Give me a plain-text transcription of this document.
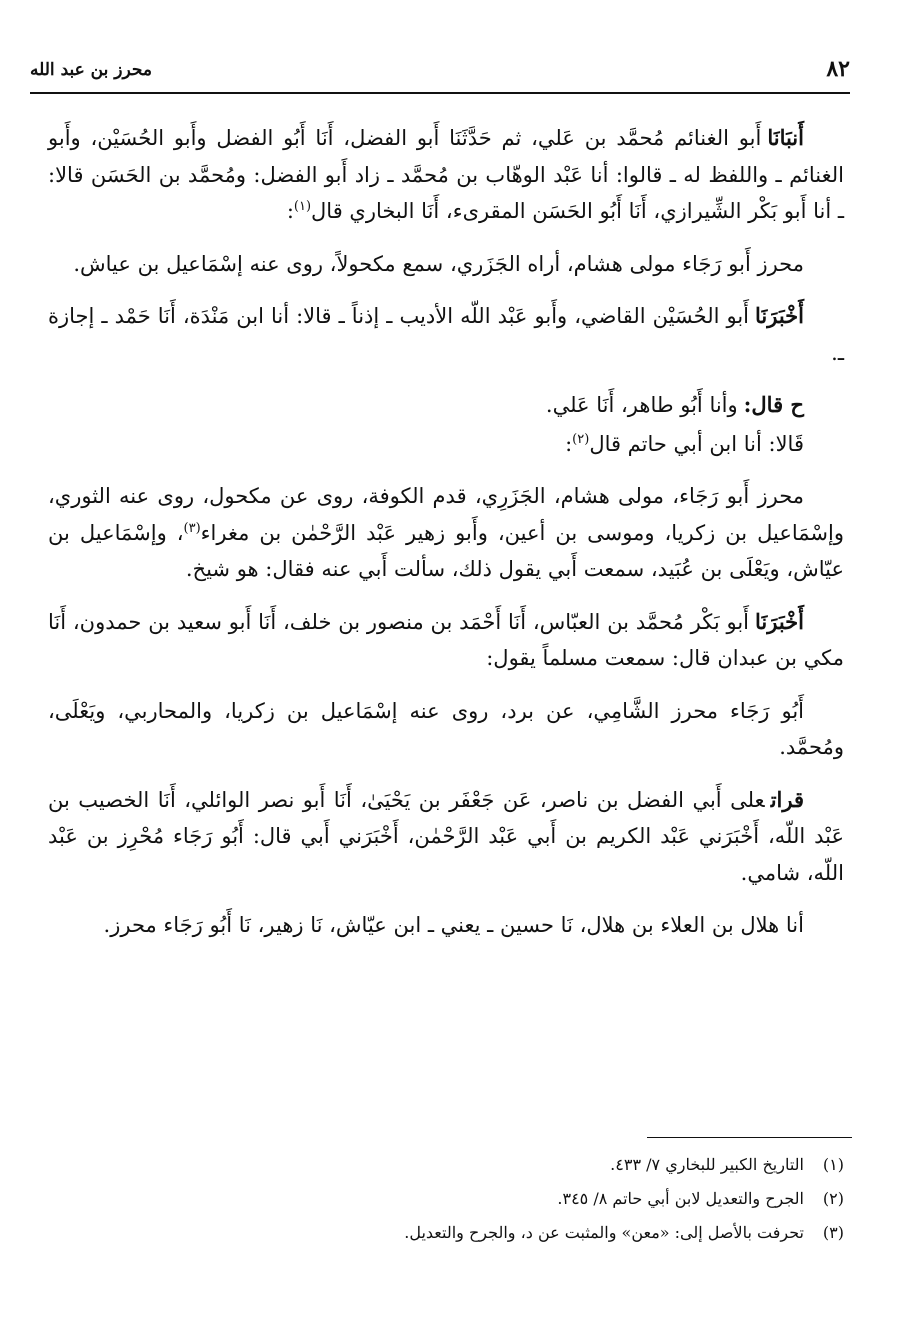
٨٢
محرز بن عبد الله

أَنبَانَاأَبو الغنائم مُحمَّد بن عَلي، ثم حَدَّثَنَا أَبو الفضل، أَنَا أَبُو الفضل وأَبو الحُسَيْن، وأَبو الغنائم ـ واللفظ له ـ قالوا: أنا عَبْد الوهّاب بن مُحمَّد ـ زاد أَبو الفضل: ومُحمَّد بن الحَسَن قالا: ـ أنا أَبو بَكْر الشِّيرازي، أَنَا أَبُو الحَسَن المقرىء، أَنَا البخاري قال$^{(١)}$:

محرز أَبو رَجَاء مولى هشام، أراه الجَزَري، سمع مكحولاً، روى عنه إسْمَاعيل بن عياش.

أَخْبَرَنَاأَبو الحُسَيْن القاضي، وأَبو عَبْد اللّه الأديب ـ إذناً ـ قالا: أنا ابن مَنْدَة، أَنَا حَمْد ـ إجازة ـ.

ح قال:وأنا أَبُو طاهر، أَنَا عَلي.

قَالا: أنا ابن أبي حاتم قال$^{(٢)}$:

محرز أَبو رَجَاء، مولى هشام، الجَزَرِي، قدم الكوفة، روى عن مكحول، روى عنه الثوري، وإسْمَاعيل بن زكريا، وموسى بن أعين، وأَبو زهير عَبْد الرَّحْمٰن بن مغراء$^{(٣)}$، وإسْمَاعيل بن عيّاش، ويَعْلَى بن عُبَيد، سمعت أَبي يقول ذلك، سألت أَبي عنه فقال: هو شيخ.

أَخْبَرَنَاأَبو بَكْر مُحمَّد بن العبّاس، أَنَا أَحْمَد بن منصور بن خلف، أَنَا أَبو سعيد بن حمدون، أَنَا مكي بن عبدان قال: سمعت مسلماً يقول:

أَبُو رَجَاء محرز الشَّامِي، عن برد، روى عنه إسْمَاعيل بن زكريا، والمحاربي، ويَعْلَى، ومُحمَّد.

قراتعلى أَبي الفضل بن ناصر، عَن جَعْفَر بن يَحْيَىٰ، أَنَا أَبو نصر الوائلي، أَنَا الخصيب بن عَبْد اللّه، أَخْبَرَني عَبْد الكريم بن أَبي عَبْد الرَّحْمٰن، أَخْبَرَني أَبي قال: أَبُو رَجَاء مُحْرِز بن عَبْد اللّه، شامي.

أنا هلال بن العلاء بن هلال، نَا حسين ـ يعني ـ ابن عيّاش، نَا زهير، نَا أَبُو رَجَاء محرز.

(١)
التاريخ الكبير للبخاري ٧/ ٤٣٣.
(٢)
الجرح والتعديل لابن أبي حاتم ٨/ ٣٤٥.
(٣)
تحرفت بالأصل إلى: «معن» والمثبت عن د، والجرح والتعديل.
